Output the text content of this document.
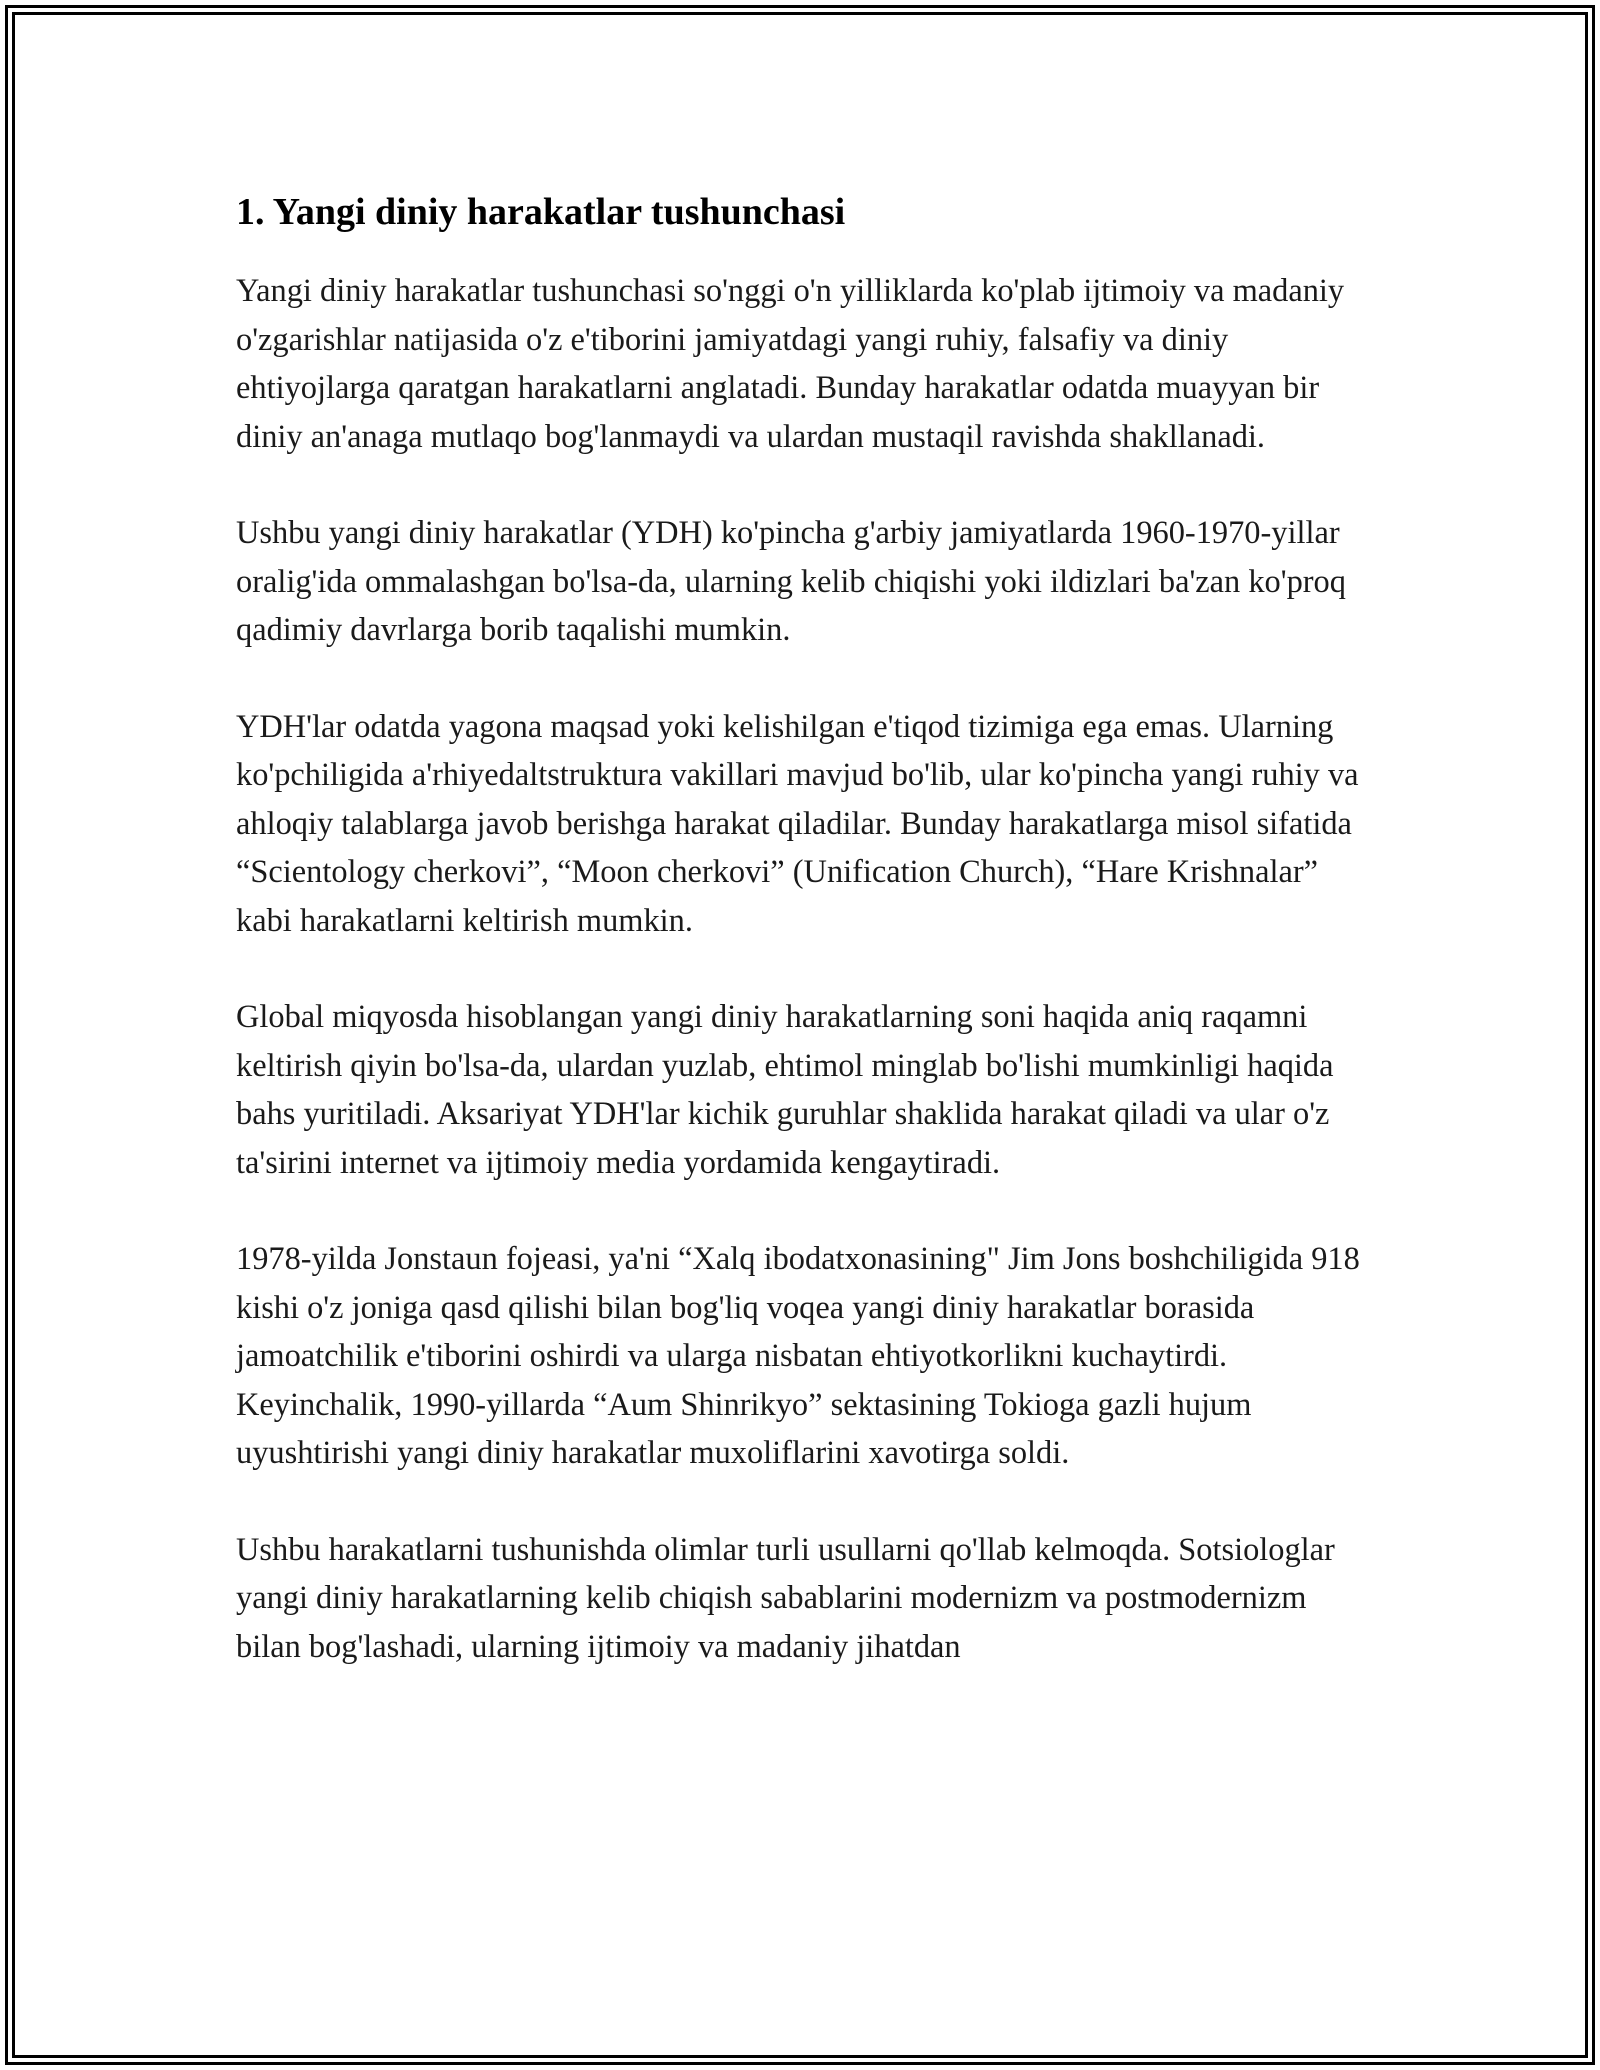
1. Yangi diniy harakatlar tushunchasi

Yangi diniy harakatlar tushunchasi so'nggi o'n yilliklarda ko'plab ijtimoiy va madaniy o'zgarishlar natijasida o'z e'tiborini jamiyatdagi yangi ruhiy, falsafiy va diniy ehtiyojlarga qaratgan harakatlarni anglatadi. Bunday harakatlar odatda muayyan bir diniy an'anaga mutlaqo bog'lanmaydi va ulardan mustaqil ravishda shakllanadi.

Ushbu yangi diniy harakatlar (YDH) ko'pincha g'arbiy jamiyatlarda 1960-1970-yillar oralig'ida ommalashgan bo'lsa-da, ularning kelib chiqishi yoki ildizlari ba'zan ko'proq qadimiy davrlarga borib taqalishi mumkin.

YDH'lar odatda yagona maqsad yoki kelishilgan e'tiqod tizimiga ega emas. Ularning ko'pchiligida a'rhiyedaltstruktura vakillari mavjud bo'lib, ular ko'pincha yangi ruhiy va ahloqiy talablarga javob berishga harakat qiladilar. Bunday harakatlarga misol sifatida “Scientology cherkovi”, “Moon cherkovi” (Unification Church), “Hare Krishnalar” kabi harakatlarni keltirish mumkin.

Global miqyosda hisoblangan yangi diniy harakatlarning soni haqida aniq raqamni keltirish qiyin bo'lsa-da, ulardan yuzlab, ehtimol minglab bo'lishi mumkinligi haqida bahs yuritiladi. Aksariyat YDH'lar kichik guruhlar shaklida harakat qiladi va ular o'z ta'sirini internet va ijtimoiy media yordamida kengaytiradi.

1978-yilda Jonstaun fojeasi, ya'ni “Xalq ibodatxonasining" Jim Jons boshchiligida 918 kishi o'z joniga qasd qilishi bilan bog'liq voqea yangi diniy harakatlar borasida jamoatchilik e'tiborini oshirdi va ularga nisbatan ehtiyotkorlikni kuchaytirdi. Keyinchalik, 1990-yillarda “Aum Shinrikyo” sektasining Tokioga gazli hujum uyushtirishi yangi diniy harakatlar muxoliflarini xavotirga soldi.

Ushbu harakatlarni tushunishda olimlar turli usullarni qo'llab kelmoqda. Sotsiologlar yangi diniy harakatlarning kelib chiqish sabablarini modernizm va postmodernizm bilan bog'lashadi, ularning ijtimoiy va madaniy jihatdan
